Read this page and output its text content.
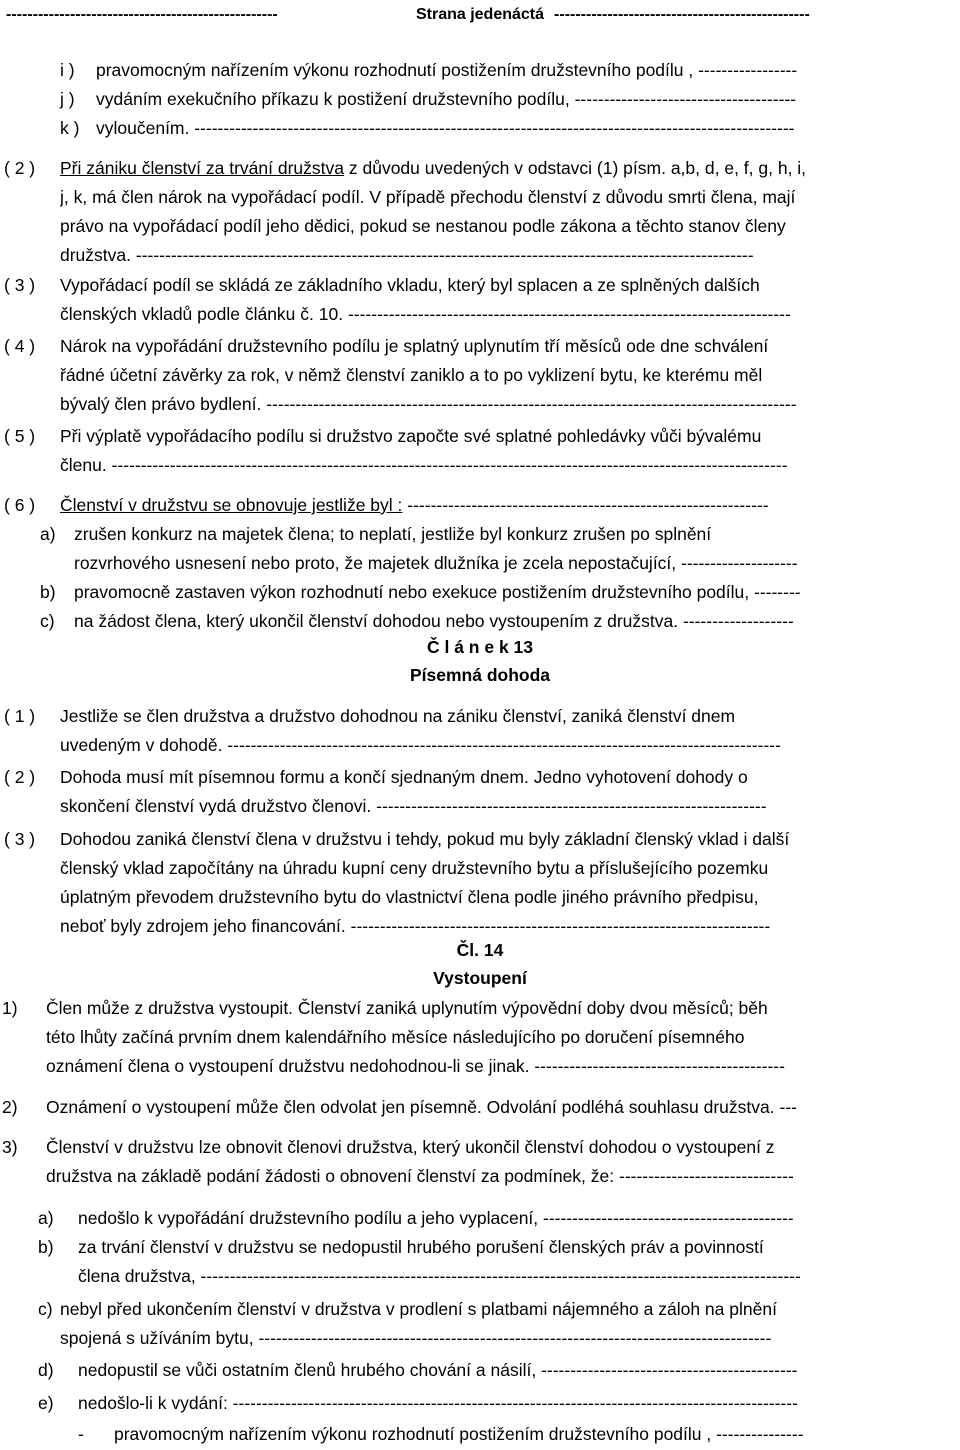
---------------------------------------------------	Strana jedenáctá ------------------------------------------------
i )	pravomocným nařízením výkonu rozhodnutí postižením družstevního podílu , -----------------
j )	vydáním exekučního příkazu k postižení družstevního podílu, --------------------------------------
k ) vyloučením. -------------------------------------------------------------------------------------------------------
( 2 )	Při zániku členství za trvání družstva z důvodu uvedených v odstavci (1) písm. a,b, d, e, f, g, h, i,
j, k, má člen nárok na vypořádací podíl. V případě přechodu členství z důvodu smrti člena, mají
právo na vypořádací podíl jeho dědici, pokud se nestanou podle zákona a těchto stanov členy
družstva. ----------------------------------------------------------------------------------------------------------
( 3 )	Vypořádací podíl se skládá ze základního vkladu, který byl splacen a ze splněných dalších
členských vkladů podle článku č. 10. ----------------------------------------------------------------------------
( 4 )	Nárok na vypořádání družstevního podílu je splatný uplynutím tří měsíců ode dne schválení
řádné účetní závěrky za rok, v němž členství zaniklo a to po vyklizení bytu, ke kterému měl
bývalý člen právo bydlení. -------------------------------------------------------------------------------------------
( 5 )	Při výplatě vypořádacího podílu si družstvo započte své splatné pohledávky vůči bývalému
členu. --------------------------------------------------------------------------------------------------------------------
( 6 )	Členství v družstvu se obnovuje jestliže byl : --------------------------------------------------------------
a)	zrušen konkurz na majetek člena; to neplatí, jestliže byl konkurz zrušen po splnění
rozvrhového usnesení nebo proto, že majetek dlužníka je zcela nepostačující, --------------------
b)	pravomocně zastaven výkon rozhodnutí nebo exekuce postižením družstevního podílu, --------
c)	na žádost člena, který ukončil členství dohodou nebo vystoupením z družstva. -------------------
Č l á n e k 13
Písemná dohoda
( 1 )	Jestliže se člen družstva a družstvo dohodnou na zániku členství, zaniká členství dnem
uvedeným v dohodě. -----------------------------------------------------------------------------------------------
( 2 )	Dohoda musí mít písemnou formu a končí sjednaným dnem. Jedno vyhotovení dohody o
skončení členství vydá družstvo členovi. -------------------------------------------------------------------
( 3 )	Dohodou zaniká členství člena v družstvu i tehdy, pokud mu byly základní členský vklad i další
členský vklad započítány na úhradu kupní ceny družstevního bytu a příslušejícího pozemku
úplatným převodem družstevního bytu do vlastnictví člena podle jiného právního předpisu,
neboť byly zdrojem jeho financování. ------------------------------------------------------------------------
Čl. 14
Vystoupení
1)	Člen může z družstva vystoupit. Členství zaniká uplynutím výpovědní doby dvou měsíců; běh
této lhůty začíná prvním dnem kalendářního měsíce následujícího po doručení písemného
oznámení člena o vystoupení družstvu nedohodnou-li se jinak. -------------------------------------------
2)	Oznámení o vystoupení může člen odvolat jen písemně. Odvolání podléhá souhlasu družstva. ---
3)	Členství v družstvu lze obnovit členovi družstva, který ukončil členství dohodou o vystoupení z
družstva na základě podání žádosti o obnovení členství za podmínek, že: ------------------------------
a)	nedošlo k vypořádání družstevního podílu a jeho vyplacení, -------------------------------------------
b)	za trvání členství v družstvu se nedopustil hrubého porušení členských práv a povinností
člena družstva, -------------------------------------------------------------------------------------------------------
c) nebyl před ukončením členství v družstva v prodlení s platbami nájemného a záloh na plnění
spojená s užíváním bytu, ----------------------------------------------------------------------------------------
d)	nedopustil se vůči ostatním členů hrubého chování a násilí, --------------------------------------------
e)	nedošlo-li k vydání: -------------------------------------------------------------------------------------------------
-	pravomocným nařízením výkonu rozhodnutí postižením družstevního podílu , ---------------
